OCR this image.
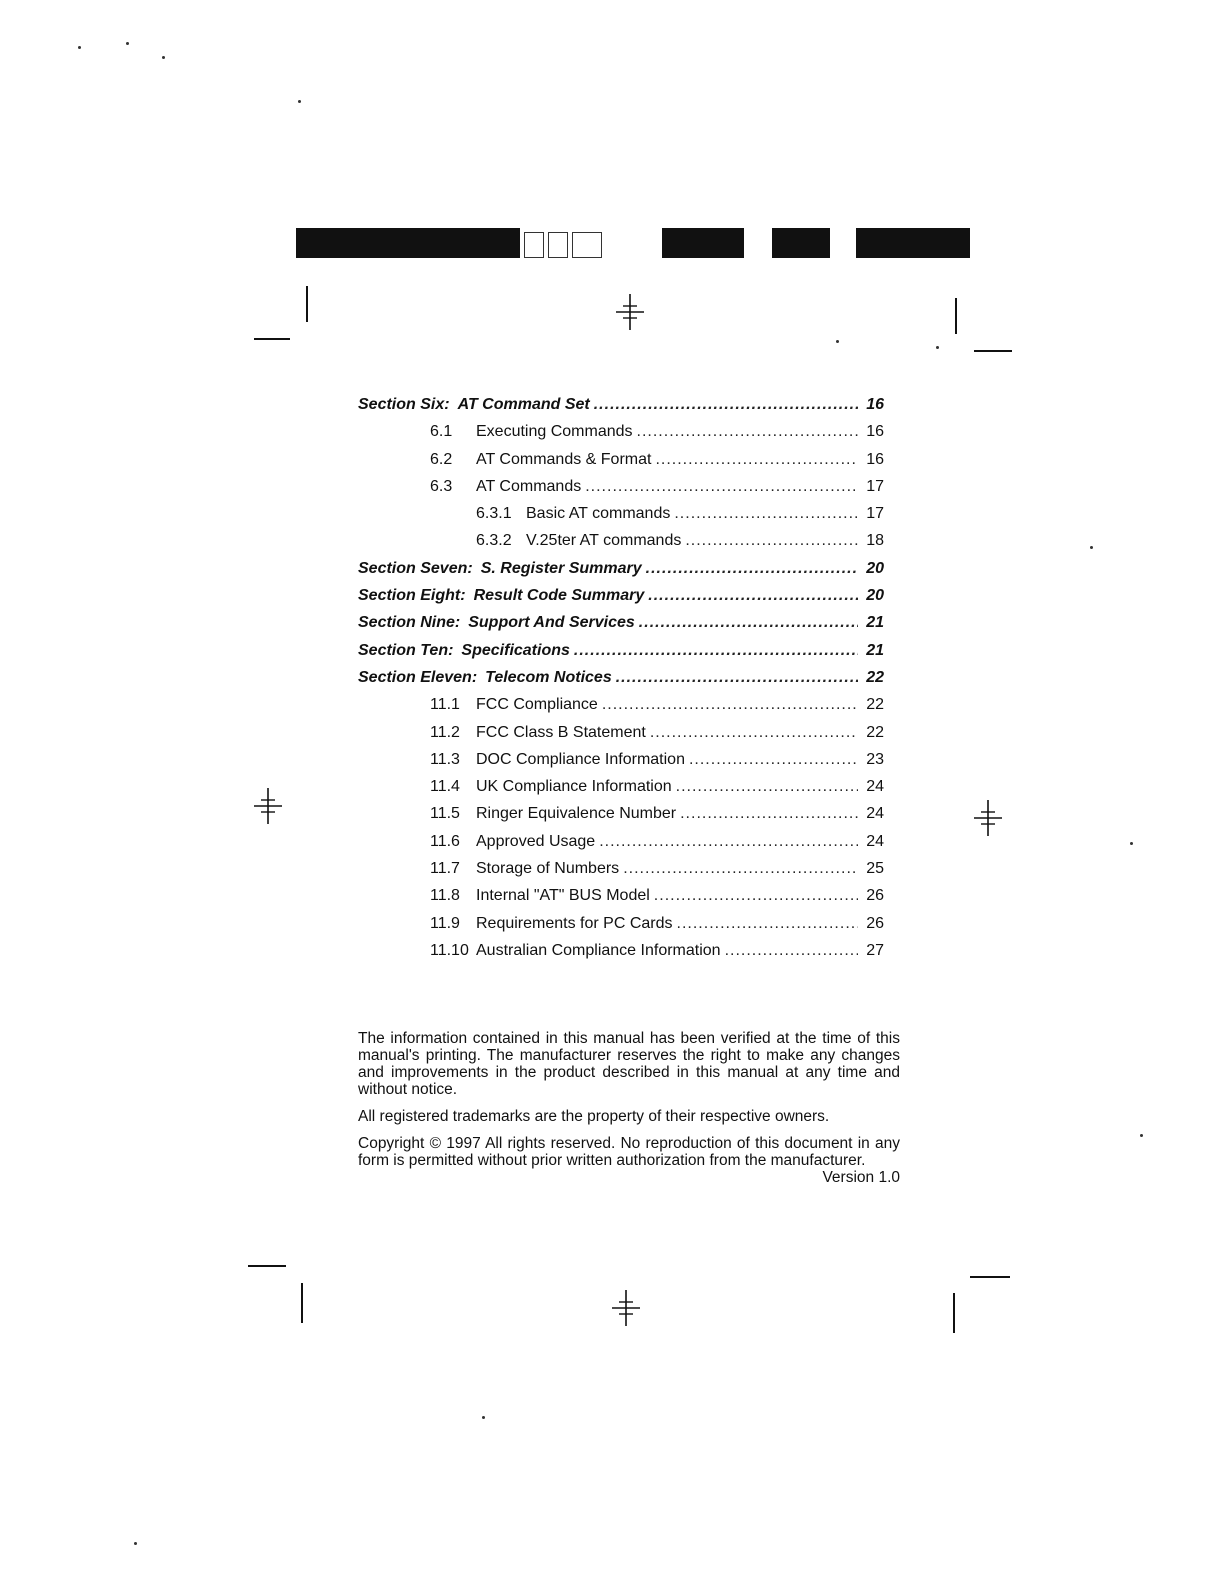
Section Six: AT Command Set .....	16
6.1	Executing Commands .....	16
6.2	AT Commands & Format .....	16
6.3	AT Commands .....	17
6.3.1 Basic AT commands .....	17
6.3.2 V.25ter AT commands .....	18
Section Seven: S. Register Summary .....	20
Section Eight: Result Code Summary .....	20
Section Nine: Support And Services .....	21
Section Ten: Specifications .....	21
Section Eleven: Telecom Notices .....	22
11.1	FCC Compliance .....	22
11.2	FCC Class B Statement .....	22
11.3	DOC Compliance Information .....	23
11.4	UK Compliance Information .....	24
11.5	Ringer Equivalence Number .....	24
11.6	Approved Usage .....	24
11.7	Storage of Numbers .....	25
11.8	Internal "AT" BUS Model .....	26
11.9	Requirements for PC Cards .....	26
11.10 Australian Compliance Information .....	27

The information contained in this manual has been verified at the time of this manual's printing. The manufacturer reserves the right to make any changes and improvements in the product described in this manual at any time and without notice.

All registered trademarks are the property of their respective owners.

Copyright © 1997 All rights reserved. No reproduction of this document in any form is permitted without prior written authorization from the manufacturer.

Version 1.0
